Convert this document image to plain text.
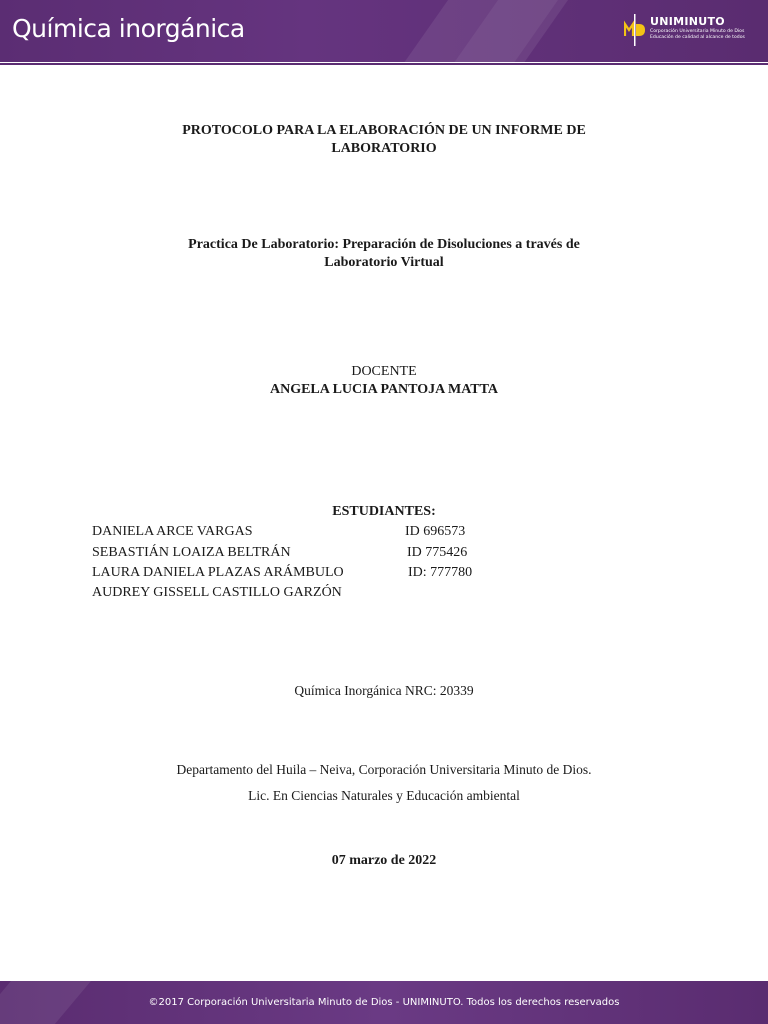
Química inorgánica	UNIMINUTO
Corporación Universitaria Minuto de Dios
Educación de calidad al alcance de todos
PROTOCOLO PARA LA ELABORACIÓN DE UN INFORME DE
LABORATORIO
Practica De Laboratorio: Preparación de Disoluciones a través de
Laboratorio Virtual
DOCENTE
ANGELA LUCIA PANTOJA MATTA
ESTUDIANTES:
DANIELA ARCE VARGAS	ID 696573
SEBASTIÁN LOAIZA BELTRÁN	ID 775426
LAURA DANIELA PLAZAS ARÁMBULO	ID: 777780
AUDREY GISSELL CASTILLO GARZÓN
Química Inorgánica NRC: 20339
Departamento del Huila – Neiva, Corporación Universitaria Minuto de Dios.
Lic. En Ciencias Naturales y Educación ambiental
07 marzo de 2022
©2017 Corporación Universitaria Minuto de Dios - UNIMINUTO. Todos los derechos reservados
